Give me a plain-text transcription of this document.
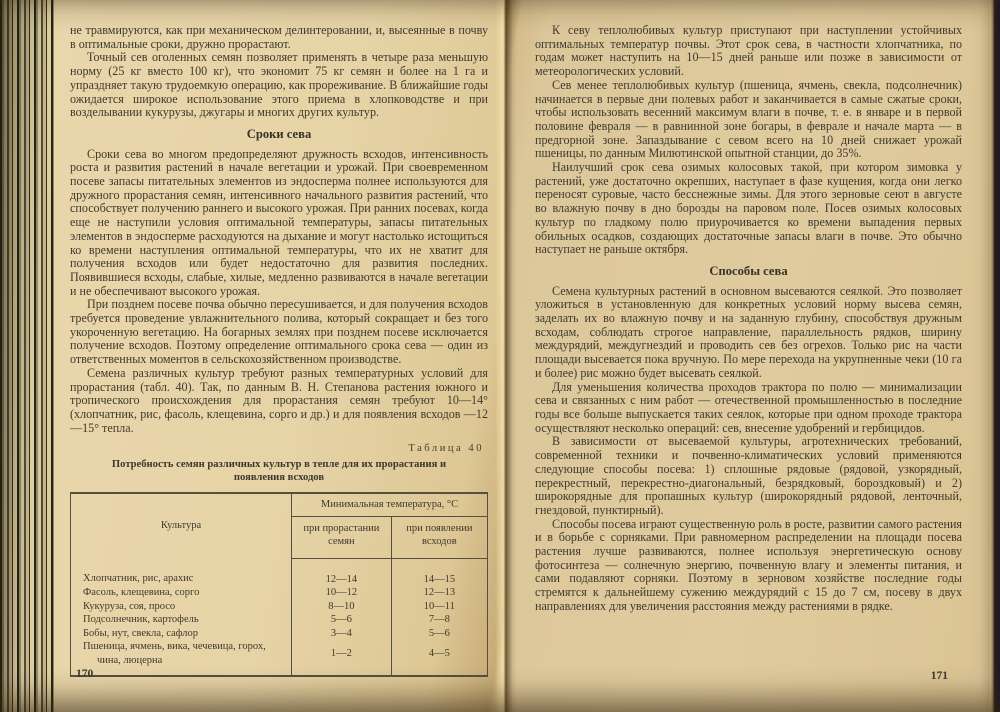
не травмируются, как при механическом делинтеровании, и, высеянные в почву в оптимальные сроки, дружно прорастают.

Точный сев оголенных семян позволяет применять в четыре раза меньшую норму (25 кг вместо 100 кг), что экономит 75 кг семян и более на 1 га и упраздняет такую трудоемкую операцию, как прореживание. В ближайшие годы ожидается широкое использование этого приема в хлопководстве и при возделывании кукурузы, джугары и многих других культур.

Сроки сева

Сроки сева во многом предопределяют дружность всходов, интенсивность роста и развития растений в начале вегетации и урожай. При своевременном посеве запасы питательных элементов из эндосперма полнее используются для дружного прорастания семян, интенсивного начального развития растений, что способствует получению раннего и высокого урожая. При ранних посевах, когда еще не наступили условия оптимальной температуры, запасы питательных элементов в эндосперме расходуются на дыхание и могут настолько истощиться ко времени наступления оптимальной температуры, что их не хватит для получения всходов или будет недостаточно для развития последних. Появившиеся всходы, слабые, хилые, медленно развиваются в начале вегетации и не обеспечивают высокого урожая.

При позднем посеве почва обычно пересушивается, и для получения всходов требуется проведение увлажнительного полива, который сокращает и без того укороченную вегетацию. На богарных землях при позднем посеве исключается получение всходов. Поэтому определение оптимального срока сева — один из ответственных моментов в сельскохозяйственном производстве.

Семена различных культур требуют разных температурных условий для прорастания (табл. 40). Так, по данным В. Н. Степанова растения южного и тропического происхождения для прорастания семян требуют 10—14° (хлопчатник, рис, фасоль, клещевина, сорго и др.) и для появления всходов —12—15° тепла.

Таблица 40
Потребность семян различных культур в тепле для их прорастания и появления всходов
Культура	Минимальная температура, °С	
	при прорастании семян	при появлении всходов
Хлопчатник, рис, арахис	12—14	14—15
Фасоль, клещевина, сорго	10—12	12—13
Кукуруза, соя, просо	8—10	10—11
Подсолнечник, картофель	5—6	7—8
Бобы, нут, свекла, сафлор	3—4	5—6
Пшеница, ячмень, вика, чечевица, горох, чина, люцерна	1—2	4—5
170

К севу теплолюбивых культур приступают при наступлении устойчивых оптимальных температур почвы. Этот срок сева, в частности хлопчатника, по годам может наступить на 10—15 дней раньше или позже в зависимости от метеорологических условий.

Сев менее теплолюбивых культур (пшеница, ячмень, свекла, подсолнечник) начинается в первые дни полевых работ и заканчивается в самые сжатые сроки, чтобы использовать весенний максимум влаги в почве, т. е. в январе и в первой половине февраля — в равнинной зоне богары, в феврале и начале марта — в предгорной зоне. Запаздывание с севом всего на 10 дней снижает урожай пшеницы, по данным Милютинской опытной станции, до 35%.

Наилучший срок сева озимых колосовых такой, при котором зимовка у растений, уже достаточно окрепших, наступает в фазе кущения, когда они легко переносят суровые, часто бесснежные зимы. Для этого зерновые сеют в августе во влажную почву в дно борозды на паровом поле. Посев озимых колосовых культур по гладкому полю приурочивается ко времени выпадения первых обильных осадков, создающих достаточные запасы влаги в почве. Это обычно наступает не раньше октября.

Способы сева

Семена культурных растений в основном высеваются сеялкой. Это позволяет уложиться в установленную для конкретных условий норму высева семян, заделать их во влажную почву и на заданную глубину, способствуя дружным всходам, соблюдать строгое направление, параллельность рядков, ширину междурядий, междугнездий и проводить сев без огрехов. Только рис на части площади высевается пока вручную. По мере перехода на укрупненные чеки (10 га и более) рис можно будет высевать сеялкой.

Для уменьшения количества проходов трактора по полю — минимализации сева и связанных с ним работ — отечественной промышленностью в последние годы все больше выпускается таких сеялок, которые при одном проходе трактора осуществляют несколько операций: сев, внесение удобрений и гербицидов.

В зависимости от высеваемой культуры, агротехнических требований, современной техники и почвенно-климатических условий применяются следующие способы посева: 1) сплошные рядовые (рядовой, узкорядный, перекрестный, перекрестно-диагональный, безрядковый, бороздковый) и 2) широкорядные для пропашных культур (широкорядный рядовой, ленточный, гнездовой, пунктирный).

Способы посева играют существенную роль в росте, развитии самого растения и в борьбе с сорняками. При равномерном распределении на площади посева растения лучше развиваются, полнее используя энергетическую основу фотосинтеза — солнечную энергию, почвенную влагу и элементы питания, и сами подавляют сорняки. Поэтому в зерновом хозяйстве последние годы стремятся к дальнейшему сужению междурядий с 15 до 7 см, посеву в двух направлениях для увеличения расстояния между растениями в рядке.

171
